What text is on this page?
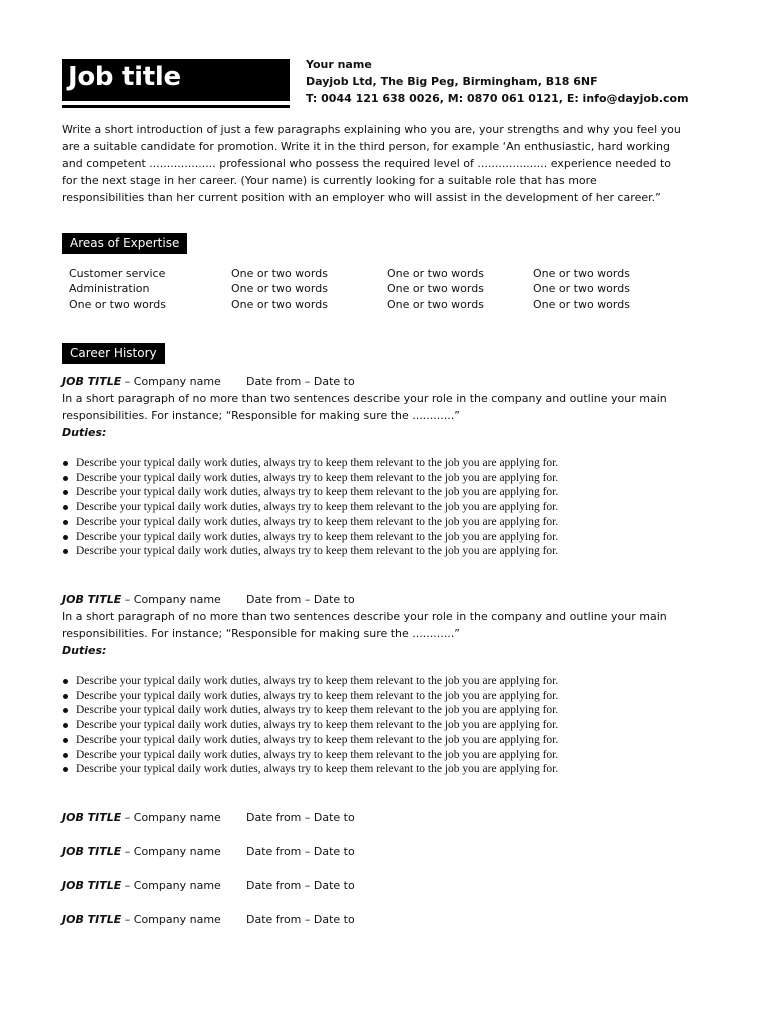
Job title	Your name
Dayjob Ltd, The Big Peg, Birmingham, B18 6NF
T: 0044 121 638 0026, M: 0870 061 0121, E: info@dayjob.com
Write a short introduction of just a few paragraphs explaining who you are, your strengths and why you feel you are a suitable candidate for promotion. Write it in the third person, for example ‘An enthusiastic, hard working and competent ................... professional who possess the required level of .................... experience needed to for the next stage in her career. (Your name) is currently looking for a suitable role that has more responsibilities than her current position with an employer who will assist in the development of her career.”
Areas of Expertise
Customer service
Administration
One or two words
One or two words
One or two words
One or two words
One or two words
One or two words
One or two words
One or two words
One or two words
One or two words
Career History
JOB TITLE – Company name Date from – Date to
In a short paragraph of no more than two sentences describe your role in the company and outline your main responsibilities. For instance; “Responsible for making sure the ............”
Duties:
Describe your typical daily work duties, always try to keep them relevant to the job you are applying for.
Describe your typical daily work duties, always try to keep them relevant to the job you are applying for.
Describe your typical daily work duties, always try to keep them relevant to the job you are applying for.
Describe your typical daily work duties, always try to keep them relevant to the job you are applying for.
Describe your typical daily work duties, always try to keep them relevant to the job you are applying for.
Describe your typical daily work duties, always try to keep them relevant to the job you are applying for.
Describe your typical daily work duties, always try to keep them relevant to the job you are applying for.
JOB TITLE – Company name Date from – Date to
In a short paragraph of no more than two sentences describe your role in the company and outline your main responsibilities. For instance; “Responsible for making sure the ............”
Duties:
Describe your typical daily work duties, always try to keep them relevant to the job you are applying for.
Describe your typical daily work duties, always try to keep them relevant to the job you are applying for.
Describe your typical daily work duties, always try to keep them relevant to the job you are applying for.
Describe your typical daily work duties, always try to keep them relevant to the job you are applying for.
Describe your typical daily work duties, always try to keep them relevant to the job you are applying for.
Describe your typical daily work duties, always try to keep them relevant to the job you are applying for.
Describe your typical daily work duties, always try to keep them relevant to the job you are applying for.
JOB TITLE – Company name Date from – Date to
JOB TITLE – Company name Date from – Date to
JOB TITLE – Company name Date from – Date to
JOB TITLE – Company name Date from – Date to
